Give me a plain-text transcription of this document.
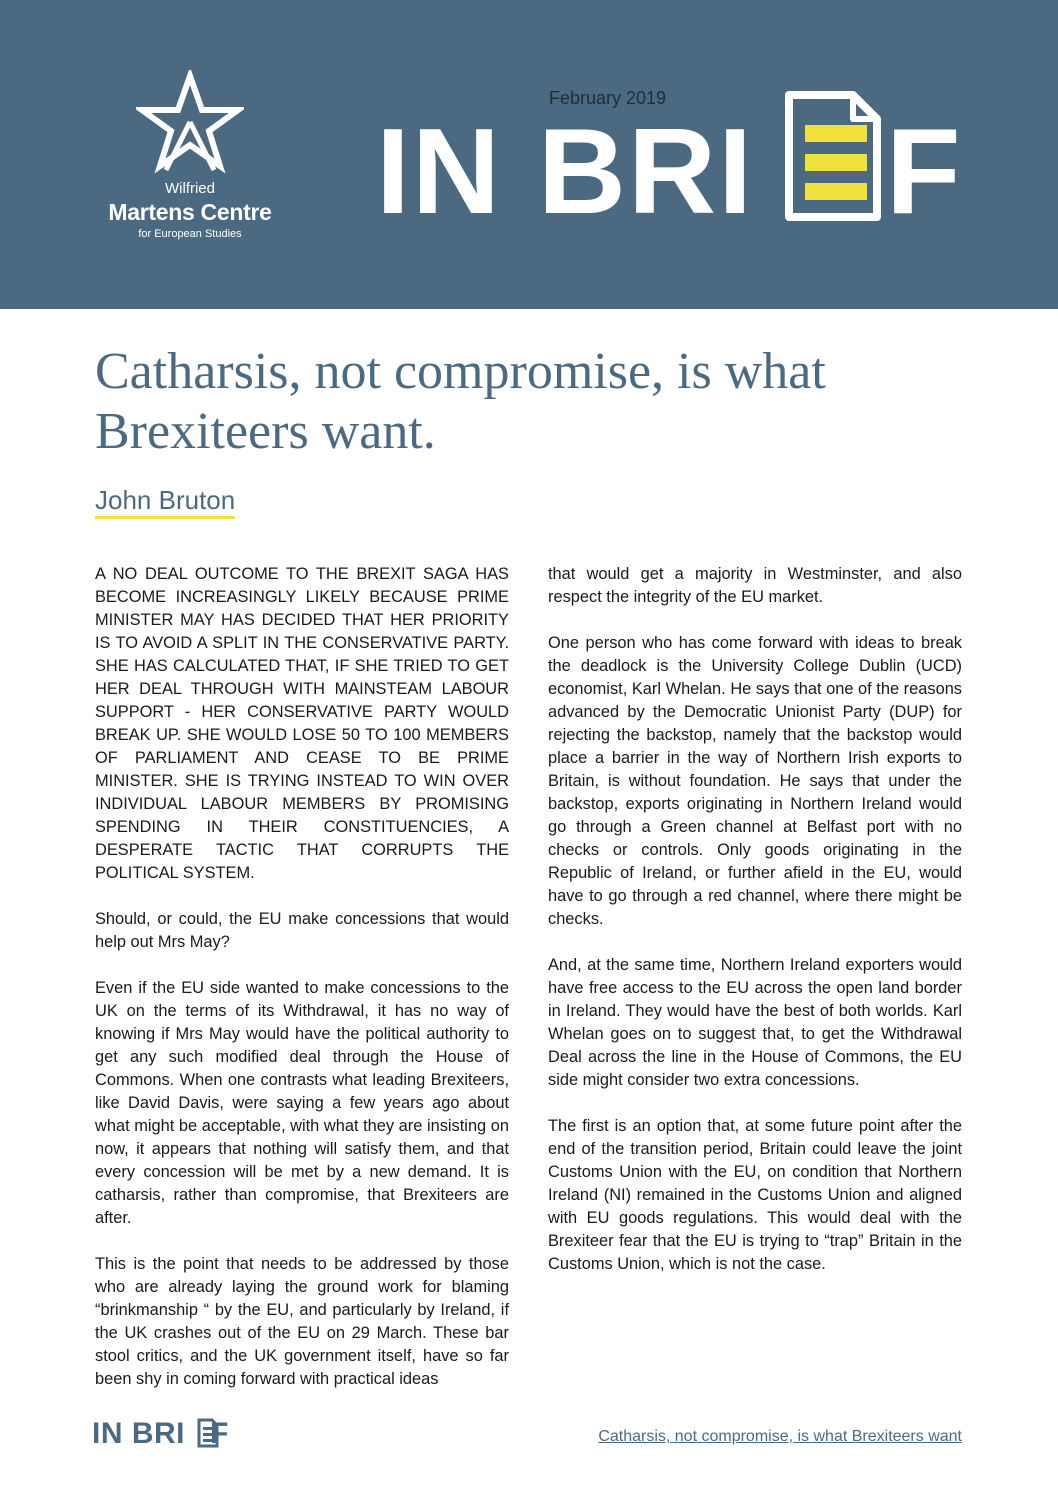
Wilfried
Martens Centre
for European Studies
February 2019
IN BRI F
Catharsis, not compromise, is what Brexiteers want.
John Bruton

A NO DEAL OUTCOME TO THE BREXIT SAGA HAS BECOME INCREASINGLY LIKELY BECAUSE PRIME MINISTER MAY HAS DECIDED THAT HER PRIORITY IS TO AVOID A SPLIT IN THE CONSERVATIVE PARTY. SHE HAS CALCULATED THAT, IF SHE TRIED TO GET HER DEAL THROUGH WITH MAINSTEAM LABOUR SUPPORT - HER CONSERVATIVE PARTY WOULD BREAK UP. SHE WOULD LOSE 50 TO 100 MEMBERS OF PARLIAMENT AND CEASE TO BE PRIME MINISTER. SHE IS TRYING INSTEAD TO WIN OVER INDIVIDUAL LABOUR MEMBERS BY PROMISING SPENDING IN THEIR CONSTITUENCIES, A DESPERATE TACTIC THAT CORRUPTS THE POLITICAL SYSTEM.

Should, or could, the EU make concessions that would help out Mrs May?

Even if the EU side wanted to make concessions to the UK on the terms of its Withdrawal, it has no way of knowing if Mrs May would have the political authority to get any such modified deal through the House of Commons. When one contrasts what leading Brexiteers, like David Davis, were saying a few years ago about what might be acceptable, with what they are insisting on now, it appears that nothing will satisfy them, and that every concession will be met by a new demand. It is catharsis, rather than compromise, that Brexiteers are after.

This is the point that needs to be addressed by those who are already laying the ground work for blaming “brinkmanship “ by the EU, and particularly by Ireland, if the UK crashes out of the EU on 29 March. These bar stool critics, and the UK government itself, have so far been shy in coming forward with practical ideas

that would get a majority in Westminster, and also respect the integrity of the EU market.

One person who has come forward with ideas to break the deadlock is the University College Dublin (UCD) economist, Karl Whelan. He says that one of the reasons advanced by the Democratic Unionist Party (DUP) for rejecting the backstop, namely that the backstop would place a barrier in the way of Northern Irish exports to Britain, is without foundation. He says that under the backstop, exports originating in Northern Ireland would go through a Green channel at Belfast port with no checks or controls. Only goods originating in the Republic of Ireland, or further afield in the EU, would have to go through a red channel, where there might be checks.

And, at the same time, Northern Ireland exporters would have free access to the EU across the open land border in Ireland. They would have the best of both worlds. Karl Whelan goes on to suggest that, to get the Withdrawal Deal across the line in the House of Commons, the EU side might consider two extra concessions.

The first is an option that, at some future point after the end of the transition period, Britain could leave the joint Customs Union with the EU, on condition that Northern Ireland (NI) remained in the Customs Union and aligned with EU goods regulations. This would deal with the Brexiteer fear that the EU is trying to “trap” Britain in the Customs Union, which is not the case.

IN BRI F	Catharsis, not compromise, is what Brexiteers want
